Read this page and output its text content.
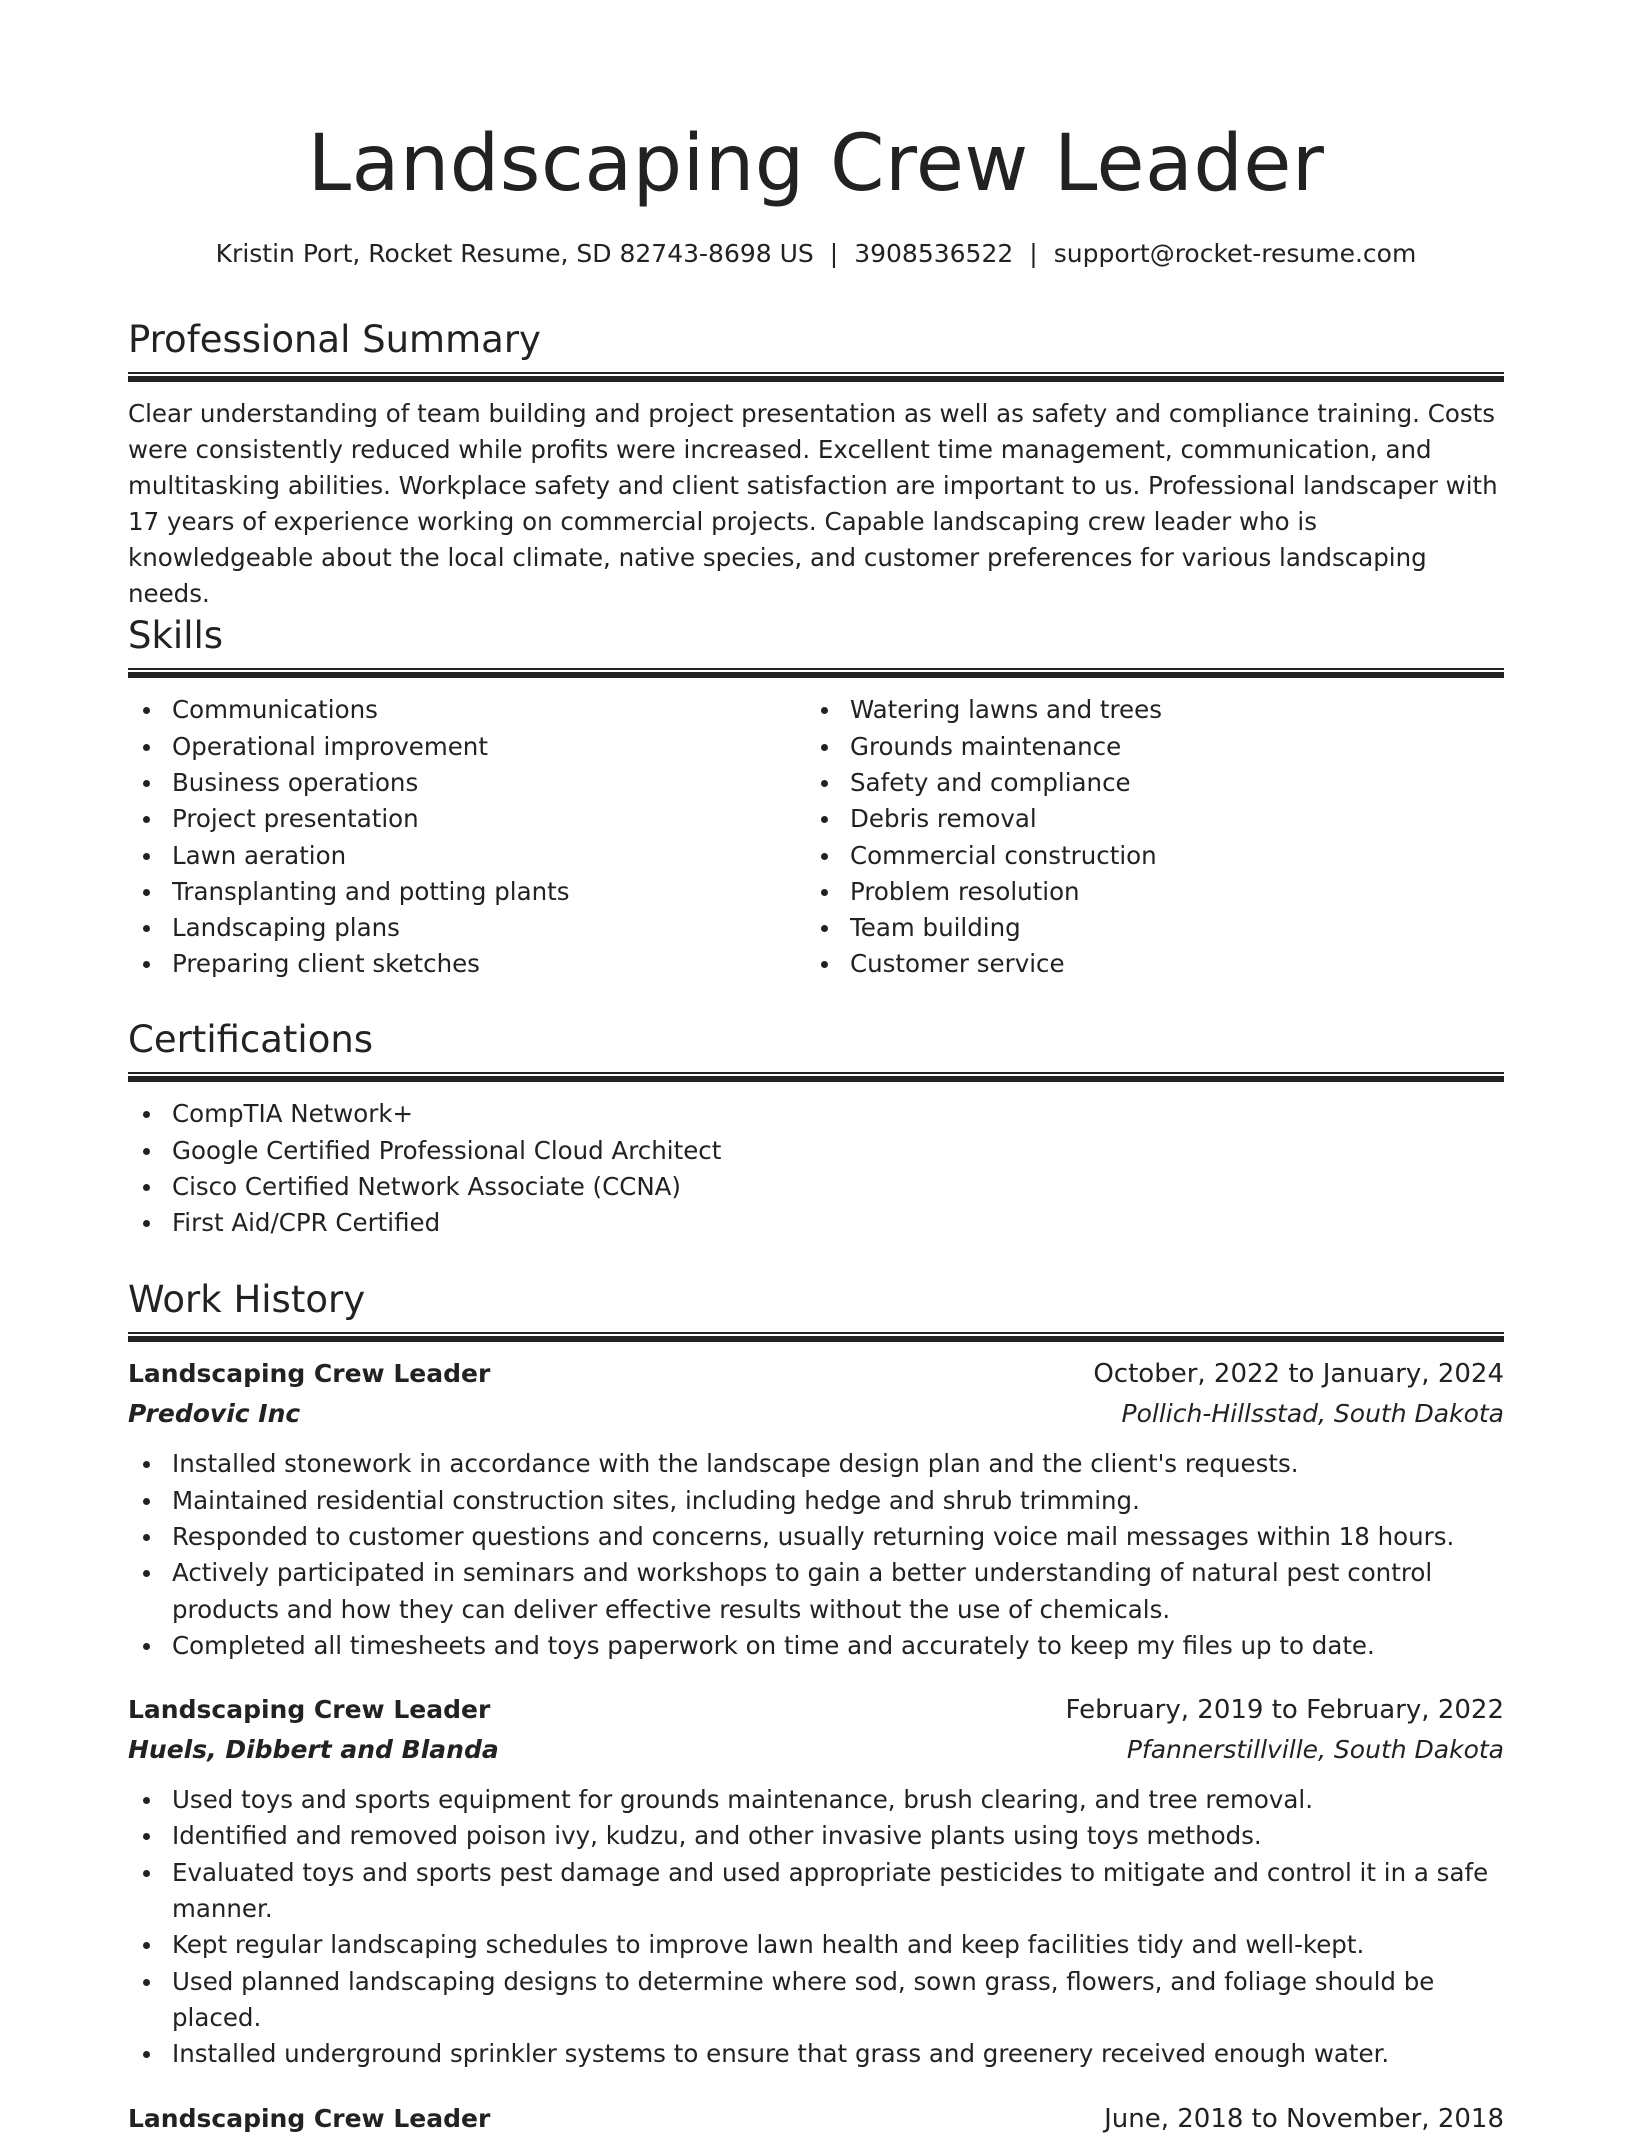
Landscaping Crew Leader
Kristin Port, Rocket Resume, SD 82743-8698 US | 3908536522 | support@rocket-resume.com
Professional Summary

Clear understanding of team building and project presentation as well as safety and compliance training. Costs were consistently reduced while profits were increased. Excellent time management, communication, and multitasking abilities. Workplace safety and client satisfaction are important to us. Professional landscaper with 17 years of experience working on commercial projects. Capable landscaping crew leader who is knowledgeable about the local climate, native species, and customer preferences for various landscaping needs.

Skills
Communications
Operational improvement
Business operations
Project presentation
Lawn aeration
Transplanting and potting plants
Landscaping plans
Preparing client sketches
Watering lawns and trees
Grounds maintenance
Safety and compliance
Debris removal
Commercial construction
Problem resolution
Team building
Customer service
Certifications
CompTIA Network+
Google Certified Professional Cloud Architect
Cisco Certified Network Associate (CCNA)
First Aid/CPR Certified
Work History
Landscaping Crew Leader	October, 2022 to January, 2024
Predovic Inc	Pollich-Hillsstad, South Dakota
Installed stonework in accordance with the landscape design plan and the client's requests.
Maintained residential construction sites, including hedge and shrub trimming.
Responded to customer questions and concerns, usually returning voice mail messages within 18 hours.
Actively participated in seminars and workshops to gain a better understanding of natural pest control products and how they can deliver effective results without the use of chemicals.
Completed all timesheets and toys paperwork on time and accurately to keep my files up to date.
Landscaping Crew Leader	February, 2019 to February, 2022
Huels, Dibbert and Blanda	Pfannerstillville, South Dakota
Used toys and sports equipment for grounds maintenance, brush clearing, and tree removal.
Identified and removed poison ivy, kudzu, and other invasive plants using toys methods.
Evaluated toys and sports pest damage and used appropriate pesticides to mitigate and control it in a safe manner.
Kept regular landscaping schedules to improve lawn health and keep facilities tidy and well-kept.
Used planned landscaping designs to determine where sod, sown grass, flowers, and foliage should be placed.
Installed underground sprinkler systems to ensure that grass and greenery received enough water.
Landscaping Crew Leader	June, 2018 to November, 2018
